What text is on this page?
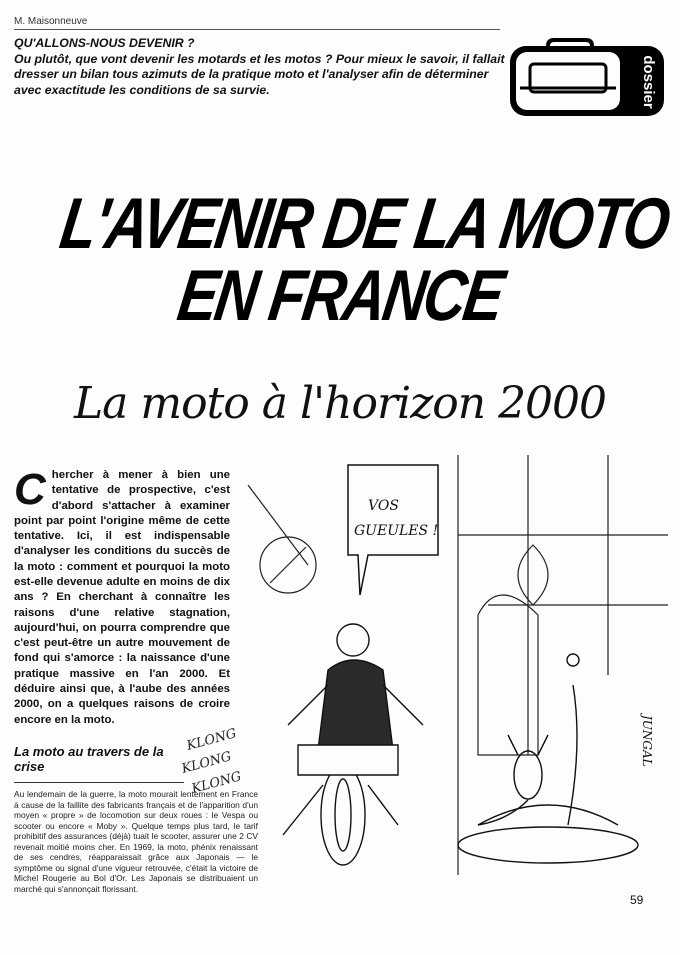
M. Maisonneuve
QU'ALLONS-NOUS DEVENIR ?
Ou plutôt, que vont devenir les motards et les motos ? Pour mieux le savoir, il fallait dresser un bilan tous azimuts de la pratique moto et l'analyser afin de déterminer avec exactitude les conditions de sa survie.	dossier
L'AVENIR DE LA MOTO
EN FRANCE
La moto à l'horizon 2000
Chercher à mener à bien une tentative de prospective, c'est d'abord s'attacher à examiner point par point l'origine même de cette tentative. Ici, il est indispensable d'analyser les conditions du succès de la moto : comment et pourquoi la moto est-elle devenue adulte en moins de dix ans ? En cherchant à connaître les raisons d'une relative stagnation, aujourd'hui, on pourra comprendre que c'est peut-être un autre mouvement de fond qui s'amorce : la naissance d'une pratique massive en l'an 2000. Et déduire ainsi que, à l'aube des années 2000, on a quelques raisons de croire encore en la moto.
La moto au travers de la crise
Au lendemain de la guerre, la moto mourait lentement en France à cause de la faillite des fabricants français et de l'apparition d'un moyen « propre » de locomotion sur deux roues : le Vespa ou scooter ou encore « Moby ». Quelque temps plus tard, le tarif prohibitif des assurances (déjà) tuait le scooter, assurer une 2 CV revenait moitié moins cher. En 1969, la moto, phénix renaissant de ses cendres, réapparaissait grâce aux Japonais — le symptôme ou signal d'une vigueur retrouvée, c'était la victoire de Michel Rougerie au Bol d'Or. Les Japonais se distribuaient un marché qui s'annonçait florissant.
VOS
GUEULES !
JUNGAL
KLONG
KLONG
KLONG
59
